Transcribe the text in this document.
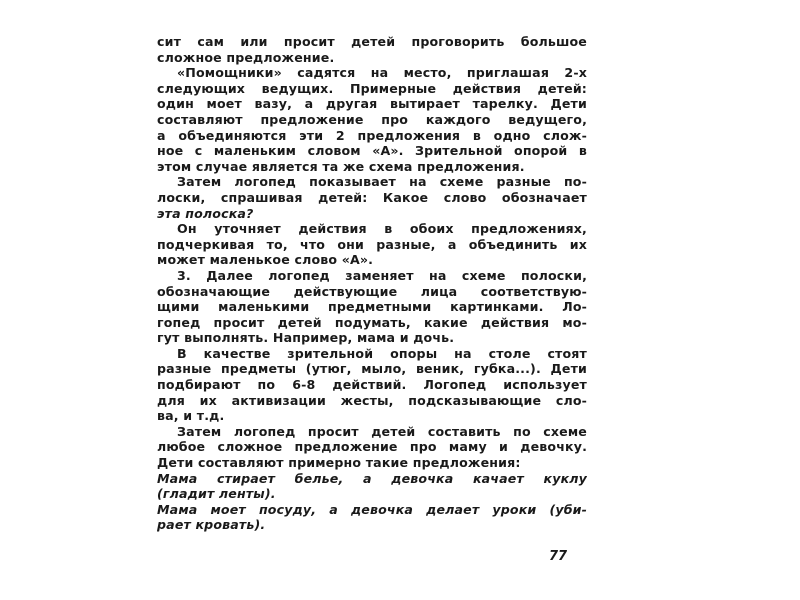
сит сам или просит детей проговорить большое
сложное предложение.
«Помощники» садятся на место, приглашая 2-х
следующих ведущих. Примерные действия детей:
один моет вазу, а другая вытирает тарелку. Дети
составляют предложение про каждого ведущего,
а объединяются эти 2 предложения в одно слож-
ное с маленьким словом «А». Зрительной опорой в
этом случае является та же схема предложения.
Затем логопед показывает на схеме разные по-
лоски, спрашивая детей: Какое слово обозначает
эта полоска?
Он уточняет действия в обоих предложениях,
подчеркивая то, что они разные, а объединить их
может маленькое слово «А».
3. Далее логопед заменяет на схеме полоски,
обозначающие действующие лица соответствую-
щими маленькими предметными картинками. Ло-
гопед просит детей подумать, какие действия мо-
гут выполнять. Например, мама и дочь.
В качестве зрительной опоры на столе стоят
разные предметы (утюг, мыло, веник, губка...). Дети
подбирают по 6-8 действий. Логопед использует
для их активизации жесты, подсказывающие сло-
ва, и т.д.
Затем логопед просит детей составить по схеме
любое сложное предложение про маму и девочку.
Дети составляют примерно такие предложения:
Мама стирает белье, а девочка качает куклу
(гладит ленты).
Мама моет посуду, а девочка делает уроки (уби-
рает кровать).
77
